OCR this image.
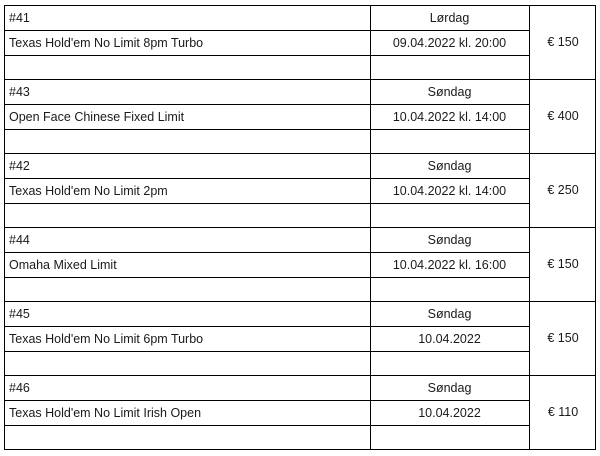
#41	Lørdag
Texas Hold'em No Limit 8pm Turbo	09.04.2022 kl. 20:00	€ 150
#43	Søndag
Open Face Chinese Fixed Limit	10.04.2022 kl. 14:00	€ 400
#42	Søndag
Texas Hold'em No Limit 2pm	10.04.2022 kl. 14:00	€ 250
#44	Søndag
Omaha Mixed Limit	10.04.2022 kl. 16:00	€ 150
#45	Søndag
Texas Hold'em No Limit 6pm Turbo	10.04.2022	€ 150
#46	Søndag
Texas Hold'em No Limit Irish Open	10.04.2022	€ 110
